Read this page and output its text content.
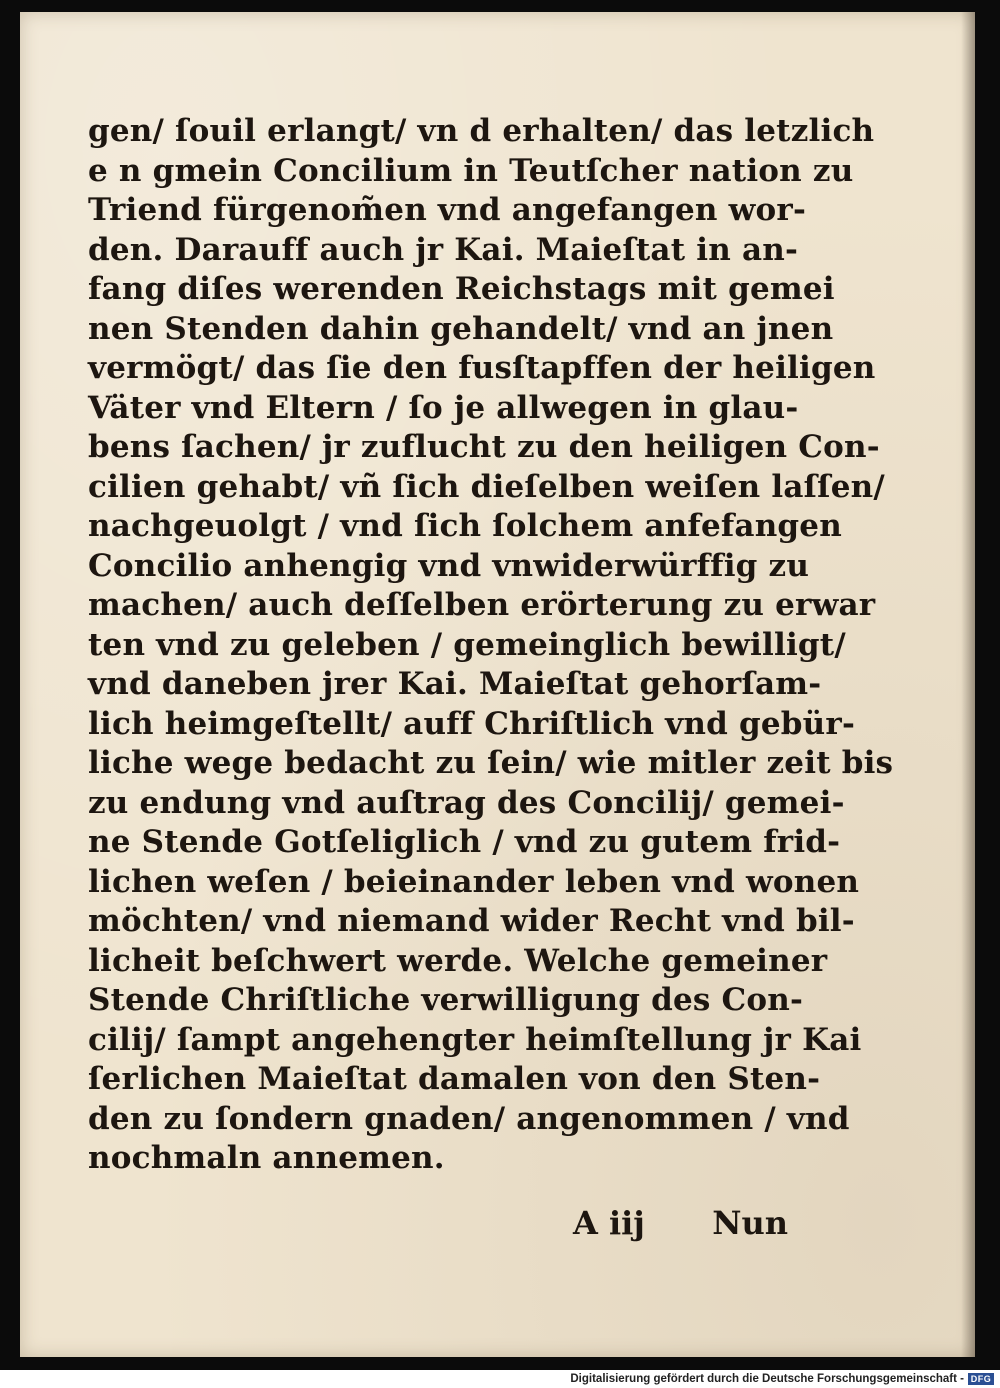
gen/ ſouil erlangt/ vn d erhalten/ das letzlich
e n gmein Concilium in Teutſcher nation zu
Triend fürgenom̃en vnd angefangen wor-
den. Darauff auch jr Kai. Maieſtat in an-
fang diſes werenden Reichstags mit gemei
nen Stenden dahin gehandelt/ vnd an jnen
vermögt/ das ſie den fusſtapffen der heiligen
Väter vnd Eltern / ſo je allwegen in glau-
bens ſachen/ jr zuflucht zu den heiligen Con-
cilien gehabt/ vñ ſich dieſelben weiſen laſſen/
nachgeuolgt / vnd ſich ſolchem anfefangen
Concilio anhengig vnd vnwiderwürffig zu
machen/ auch deſſelben erörterung zu erwar
ten vnd zu geleben / gemeinglich bewilligt/
vnd daneben jrer Kai. Maieſtat gehorſam-
lich heimgeſtellt/ auff Chriſtlich vnd gebür-
liche wege bedacht zu ſein/ wie mitler zeit bis
zu endung vnd auſtrag des Concilij/ gemei-
ne Stende Gotſeliglich / vnd zu gutem frid-
lichen weſen / beieinander leben vnd wonen
möchten/ vnd niemand wider Recht vnd bil-
licheit beſchwert werde. Welche gemeiner
Stende Chriſtliche verwilligung des Con-
cilij/ ſampt angehengter heimſtellung jr Kai
ſerlichen Maieſtat damalen von den Sten-
den zu ſondern gnaden/ angenommen / vnd
nochmaln annemen.
A iij Nun
Digitalisierung gefördert durch die Deutsche Forschungsgemeinschaft - DFG
